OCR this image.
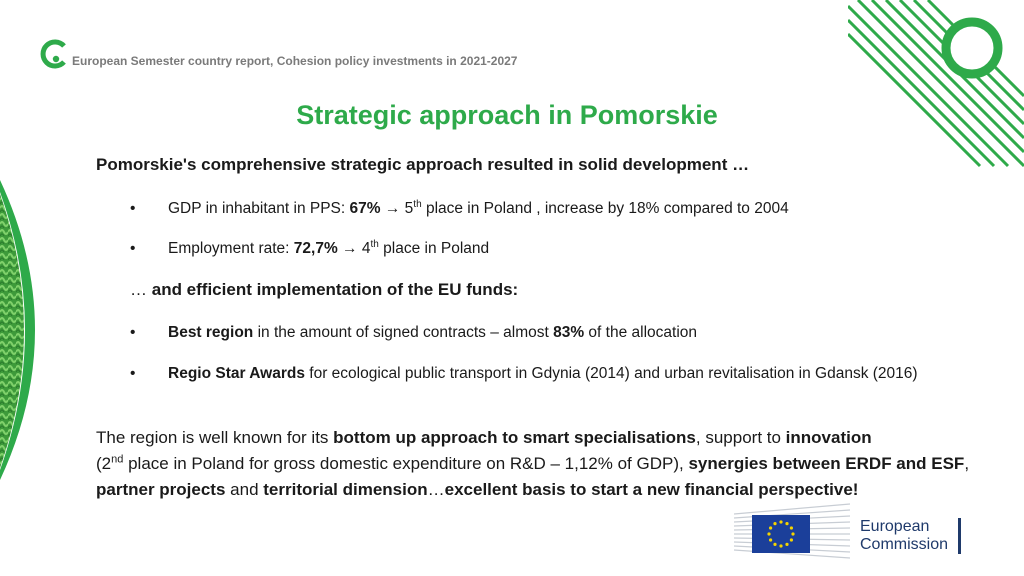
European Semester country report, Cohesion policy investments in 2021-2027
Strategic approach in Pomorskie
Pomorskie's comprehensive strategic approach resulted in solid development …
•	GDP in inhabitant in PPS: 67% → 5th place in Poland , increase by 18% compared to 2004
•	Employment rate: 72,7% → 4th place in Poland
… and efficient implementation of the EU funds:
•	Best region in the amount of signed contracts – almost 83% of the allocation
•	Regio Star Awards for ecological public transport in Gdynia (2014) and urban revitalisation in Gdansk (2016)
The region is well known for its bottom up approach to smart specialisations, support to innovation
(2nd place in Poland for gross domestic expenditure on R&D – 1,12% of GDP), synergies between ERDF and ESF, partner projects and territorial dimension…excellent basis to start a new financial perspective!
European
Commission
